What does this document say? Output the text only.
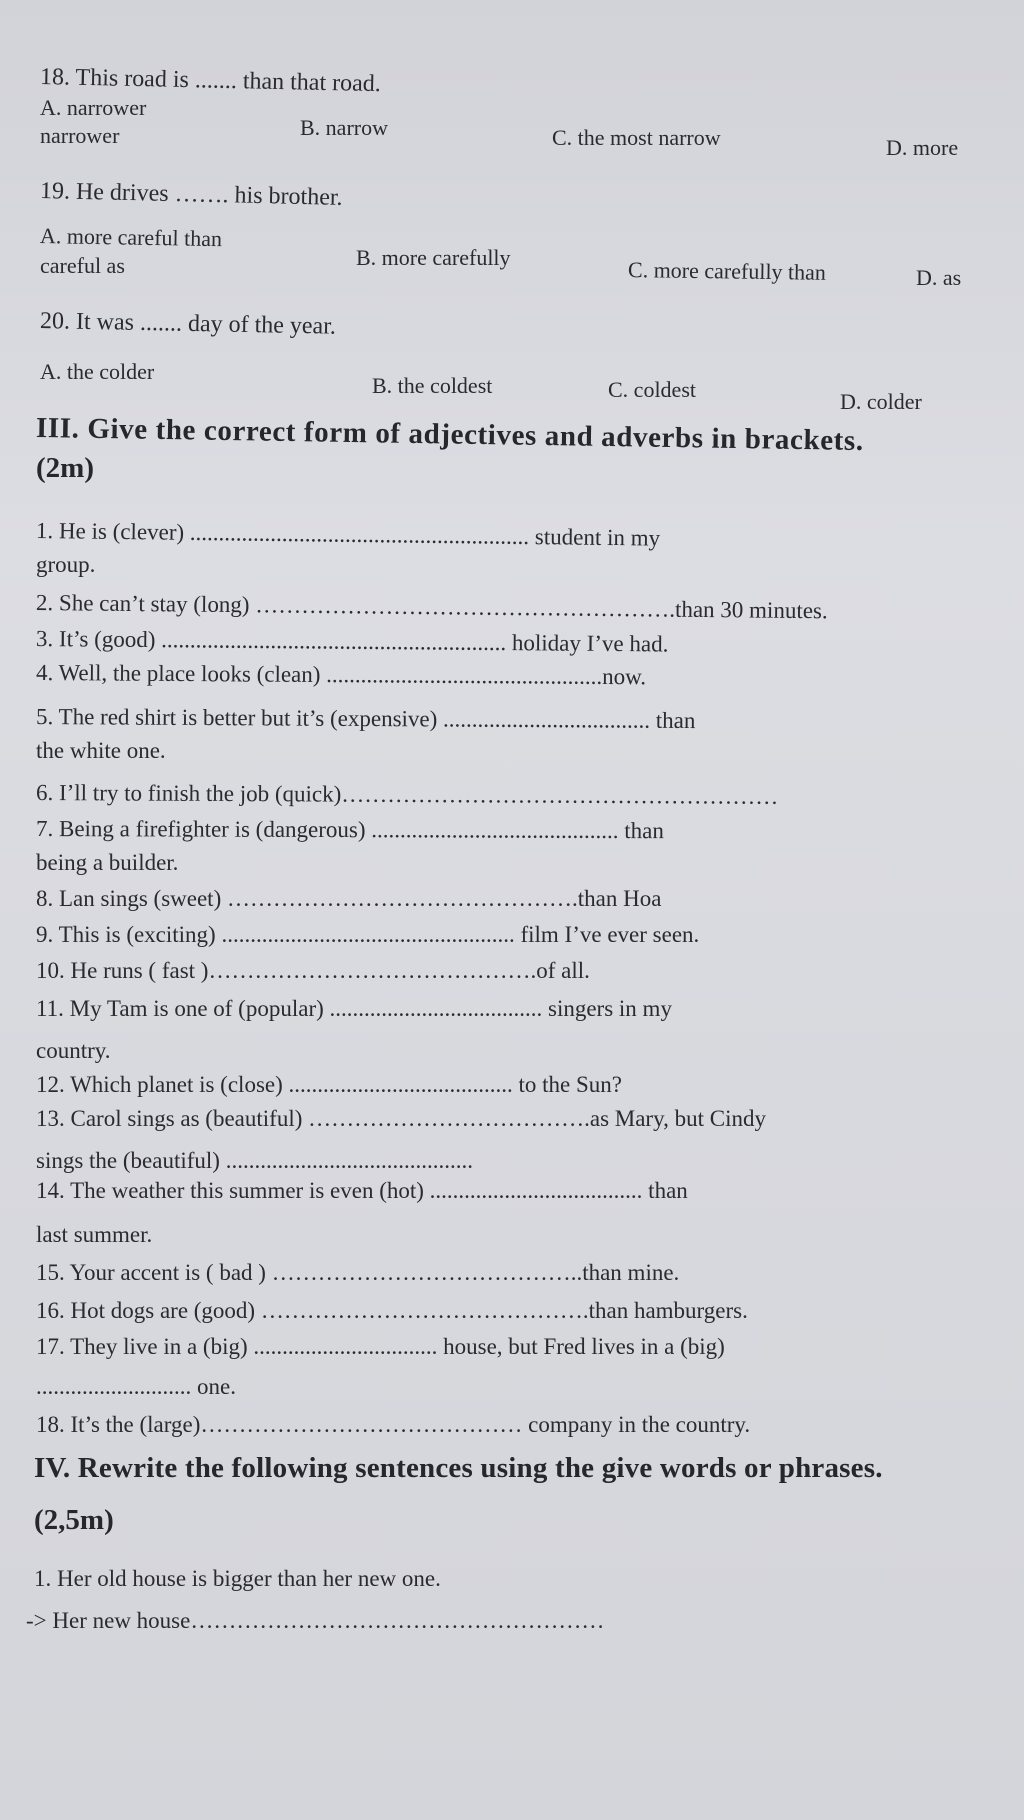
18. This road is ....... than that road.
A. narrower
narrower	B. narrow	C. the most narrow	D. more
19. He drives ……. his brother.
A. more careful than
careful as	B. more carefully	C. more carefully than	D. as
20. It was ....... day of the year.
A. the colder
B. the coldest	C. coldest	D. colder
III. Give the correct form of adjectives and adverbs in brackets.
(2m)
1. He is (clever) ........................................................... student in my
group.
2. She can’t stay (long) ……………………………………………….than 30 minutes.
3. It’s (good) ............................................................ holiday I’ve had.
4. Well, the place looks (clean) ................................................now.
5. The red shirt is better but it’s (expensive) .................................... than
the white one.
6. I’ll try to finish the job (quick)…………………………………………………
7. Being a firefighter is (dangerous) ........................................... than
being a builder.
8. Lan sings (sweet) ……………………………………….than Hoa
9. This is (exciting) ................................................... film I’ve ever seen.
10. He runs ( fast )…………………………………….of all.
11. My Tam is one of (popular) ..................................... singers in my
country.
12. Which planet is (close) ....................................... to the Sun?
13. Carol sings as (beautiful) ……………………………….as Mary, but Cindy
sings the (beautiful) ...........................................
14. The weather this summer is even (hot) ..................................... than
last summer.
15. Your accent is ( bad ) …………………………………..than mine.
16. Hot dogs are (good) …………………………………….than hamburgers.
17. They live in a (big) ................................ house, but Fred lives in a (big)
........................... one.
18. It’s the (large)…………………………………… company in the country.
IV. Rewrite the following sentences using the give words or phrases.
(2,5m)
1. Her old house is bigger than her new one.
-> Her new house………………………………………………
